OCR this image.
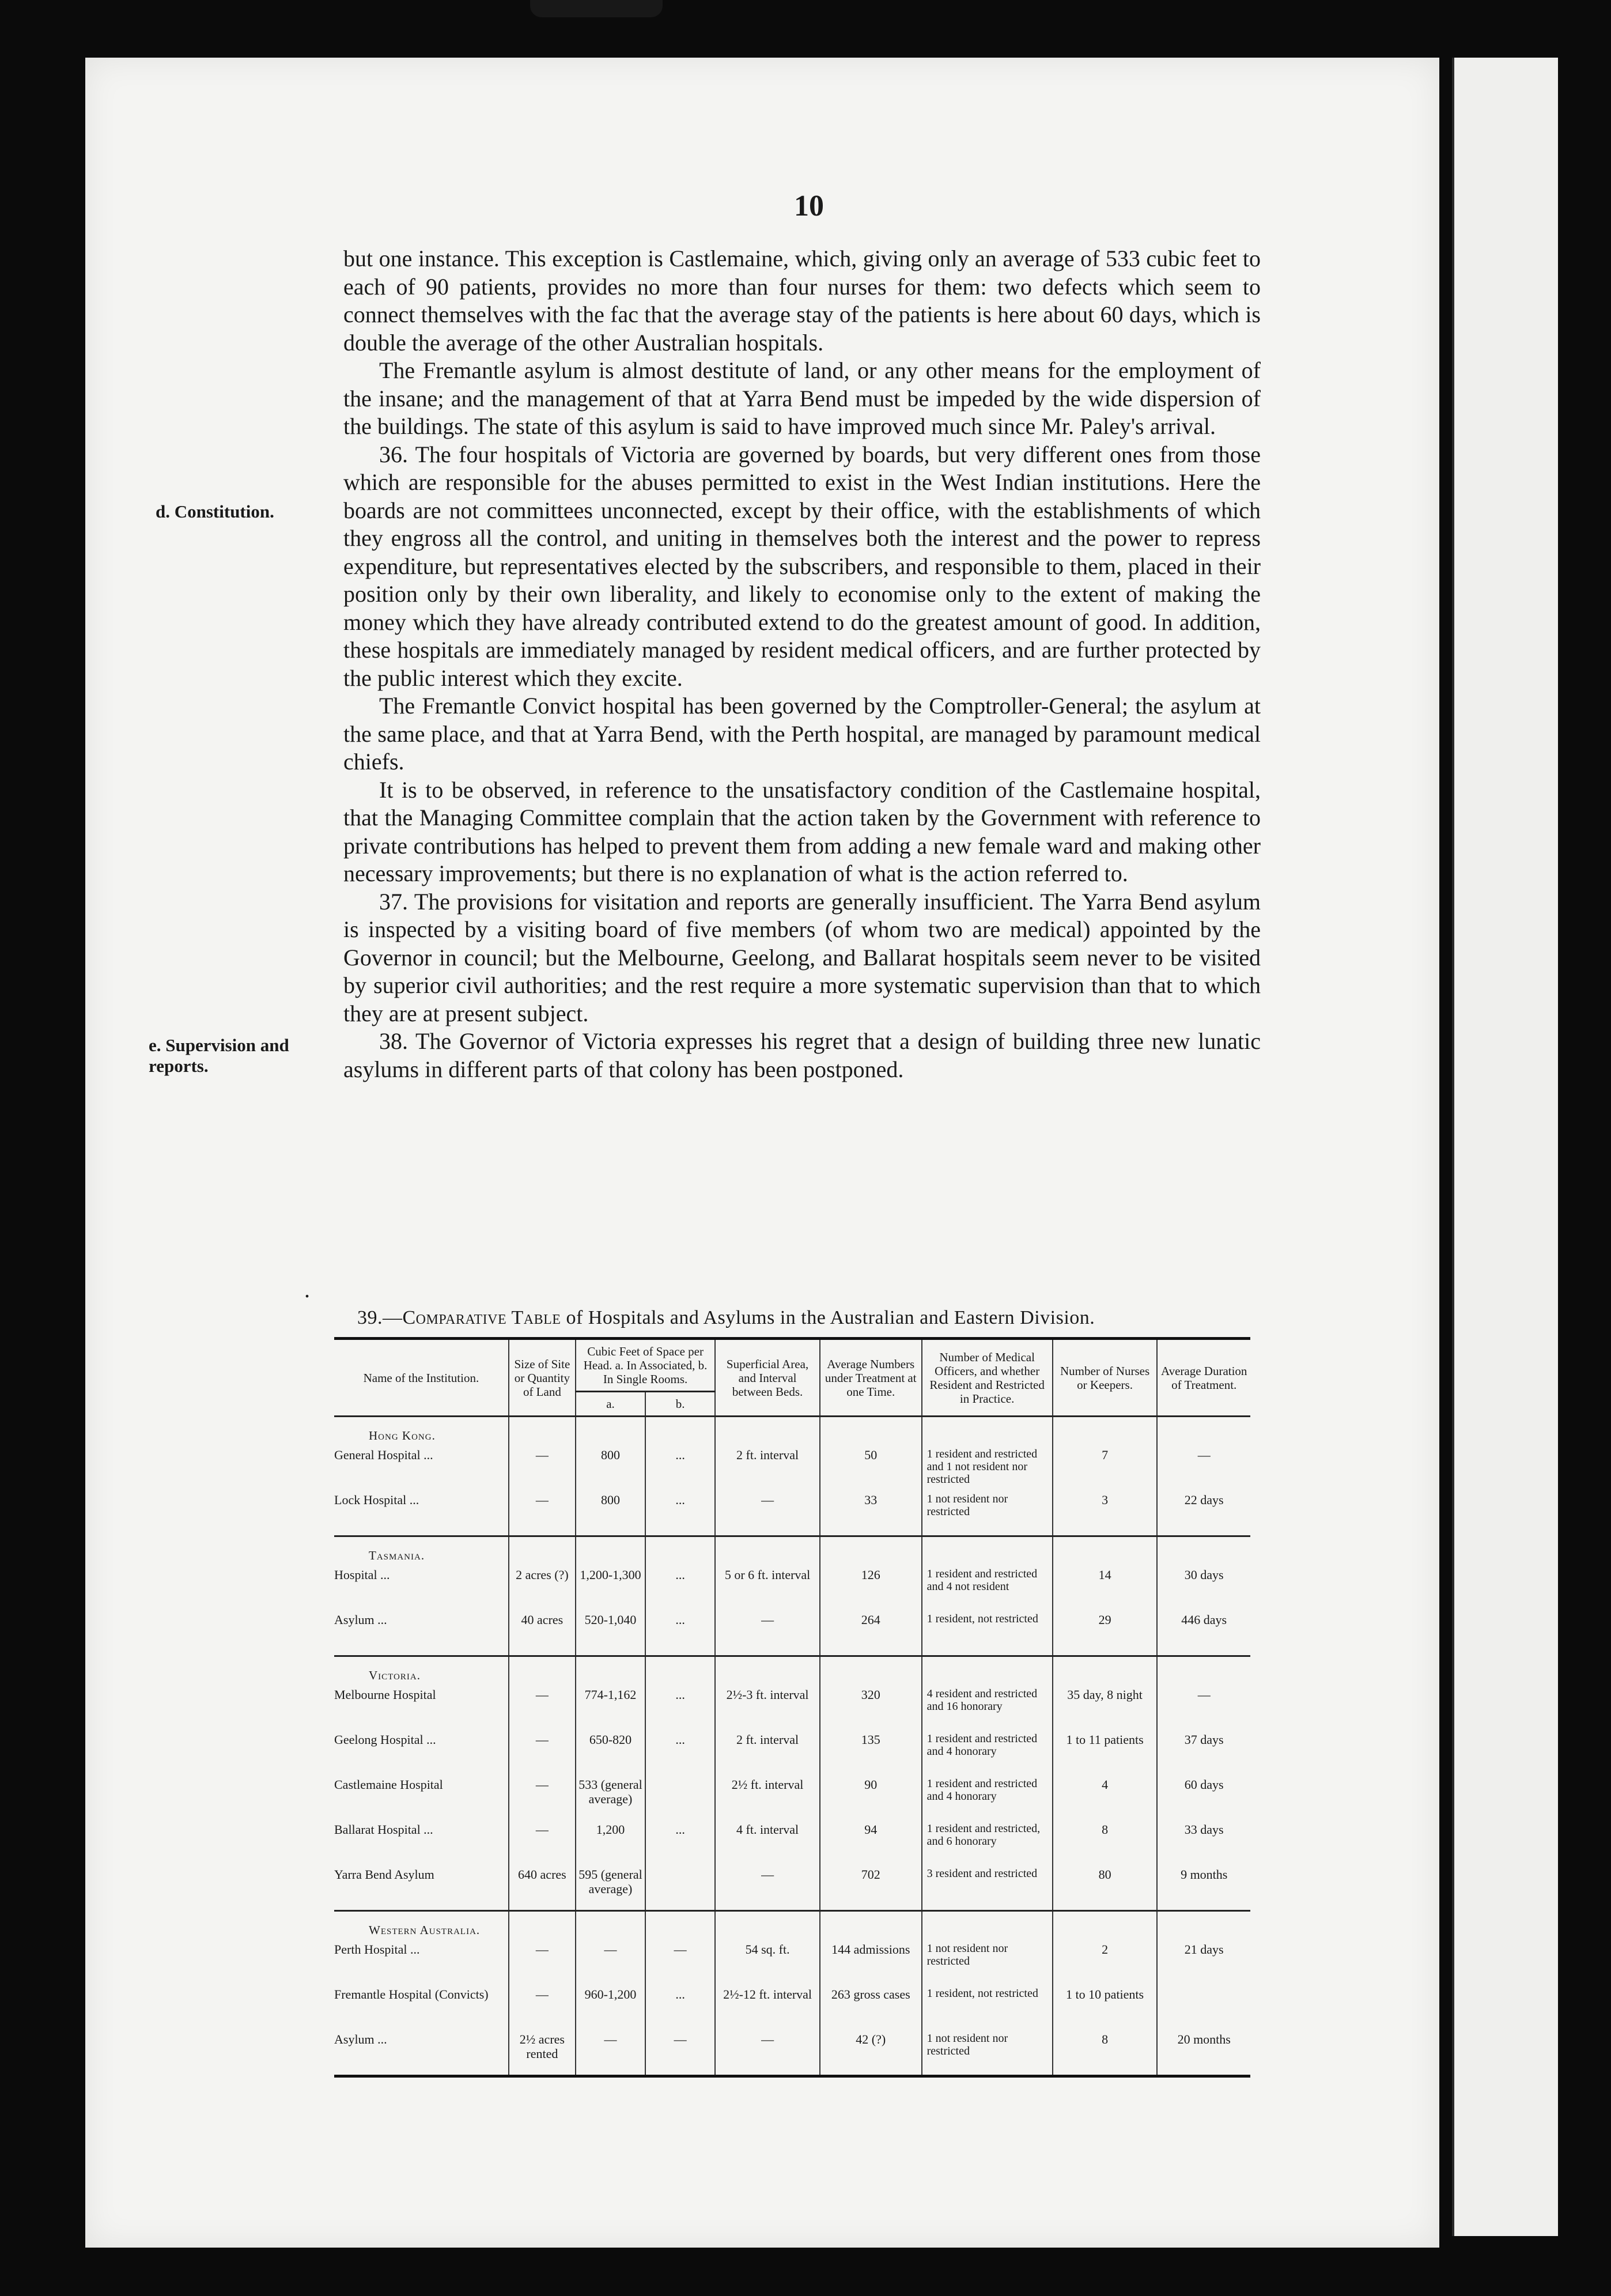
10
d. Constitution.
e. Supervision and reports.

but one instance. This exception is Castlemaine, which, giving only an average of 533 cubic feet to each of 90 patients, provides no more than four nurses for them: two defects which seem to connect themselves with the fac that the average stay of the patients is here about 60 days, which is double the average of the other Australian hospitals.

The Fremantle asylum is almost destitute of land, or any other means for the employment of the insane; and the management of that at Yarra Bend must be impeded by the wide dispersion of the buildings. The state of this asylum is said to have improved much since Mr. Paley's arrival.

36. The four hospitals of Victoria are governed by boards, but very different ones from those which are responsible for the abuses permitted to exist in the West Indian institutions. Here the boards are not committees unconnected, except by their office, with the establishments of which they engross all the control, and uniting in themselves both the interest and the power to repress expenditure, but representatives elected by the subscribers, and responsible to them, placed in their position only by their own liberality, and likely to economise only to the extent of making the money which they have already contributed extend to do the greatest amount of good. In addition, these hospitals are immediately managed by resident medical officers, and are further protected by the public interest which they excite.

The Fremantle Convict hospital has been governed by the Comptroller-General; the asylum at the same place, and that at Yarra Bend, with the Perth hospital, are managed by paramount medical chiefs.

It is to be observed, in reference to the unsatisfactory condition of the Castlemaine hospital, that the Managing Committee complain that the action taken by the Government with reference to private contributions has helped to prevent them from adding a new female ward and making other necessary improvements; but there is no explanation of what is the action referred to.

37. The provisions for visitation and reports are generally insufficient. The Yarra Bend asylum is inspected by a visiting board of five members (of whom two are medical) appointed by the Governor in council; but the Melbourne, Geelong, and Ballarat hospitals seem never to be visited by superior civil authorities; and the rest require a more systematic supervision than that to which they are at present subject.

38. The Governor of Victoria expresses his regret that a design of building three new lunatic asylums in different parts of that colony has been postponed.

39.—Comparative Table of Hospitals and Asylums in the Australian and Eastern Division.
Name of the Institution.	Size of Site or Quantity of Land	Cubic Feet of Space per Head. a. In Associated, b. In Single Rooms.		Superficial Area, and Interval between Beds.	Average Numbers under Treatment at one Time.	Number of Medical Officers, and whether Resident and Restricted in Practice.	Number of Nurses or Keepers.	Average Duration of Treatment.
		a.	b.					
Hong Kong.								
General Hospital ...	—	800	...	2 ft. interval	50	1 resident and restricted and 1 not resident nor restricted	7	—
Lock Hospital ...	—	800	...	—	33	1 not resident nor restricted	3	22 days
Tasmania.								
Hospital ...	2 acres (?)	1,200-1,300	...	5 or 6 ft. interval	126	1 resident and restricted and 4 not resident	14	30 days
Asylum ...	40 acres	520-1,040	...	—	264	1 resident, not restricted	29	446 days
Victoria.								
Melbourne Hospital	—	774-1,162	...	2½-3 ft. interval	320	4 resident and restricted and 16 honorary	35 day, 8 night	—
Geelong Hospital ...	—	650-820	...	2 ft. interval	135	1 resident and restricted and 4 honorary	1 to 11 patients	37 days
Castlemaine Hospital	—	533 (general average)		2½ ft. interval	90	1 resident and restricted and 4 honorary	4	60 days
Ballarat Hospital ...	—	1,200	...	4 ft. interval	94	1 resident and restricted, and 6 honorary	8	33 days
Yarra Bend Asylum	640 acres	595 (general average)		—	702	3 resident and restricted	80	9 months
Western Australia.								
Perth Hospital ...	—	—	—	54 sq. ft.	144 admissions	1 not resident nor restricted	2	21 days
Fremantle Hospital (Convicts)	—	960-1,200	...	2½-12 ft. interval	263 gross cases	1 resident, not restricted	1 to 10 patients	
Asylum ...	2½ acres rented	—	—	—	42 (?)	1 not resident nor restricted	8	20 months
.
